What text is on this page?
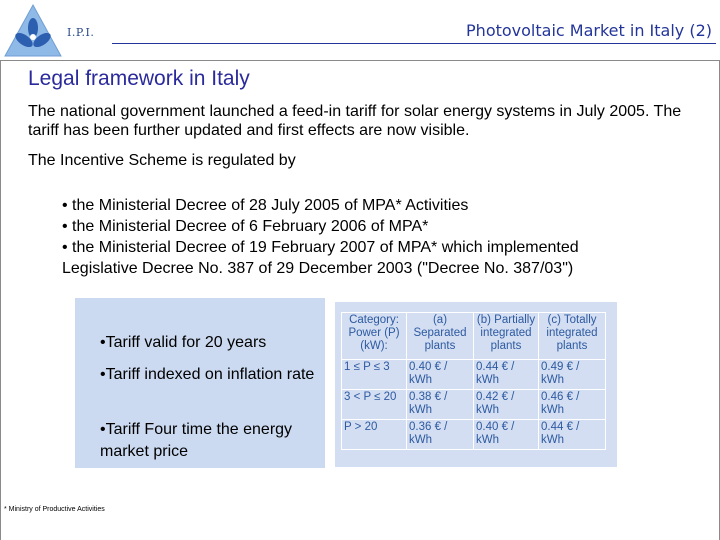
I.P.I.	Photovoltaic Market in Italy (2)
Legal framework in Italy
The national government launched a feed-in tariff for solar energy systems in July 2005. The tariff has been further updated and first effects are now visible.
The Incentive Scheme is regulated by
• the Ministerial Decree of 28 July 2005 of MPA* Activities
• the Ministerial Decree of 6 February 2006 of MPA*
• the Ministerial Decree of 19 February 2007 of MPA* which implemented
Legislative Decree No. 387 of 29 December 2003 ("Decree No. 387/03")
•Tariff valid for 20 years
•Tariff indexed on inflation rate
•Tariff Four time the energy market price
Category: Power (P)(kW):	(a) Separated plants	(b) Partially integrated plants	(c) Totally integrated plants
1 ≤ P ≤ 3	0.40 € / kWh	0.44 € / kWh	0.49 € / kWh
3 < P ≤ 20	0.38 € / kWh	0.42 € / kWh	0.46 € / kWh
P > 20	0.36 € / kWh	0.40 € / kWh	0.44 € / kWh
* Ministry of Productive Activities
